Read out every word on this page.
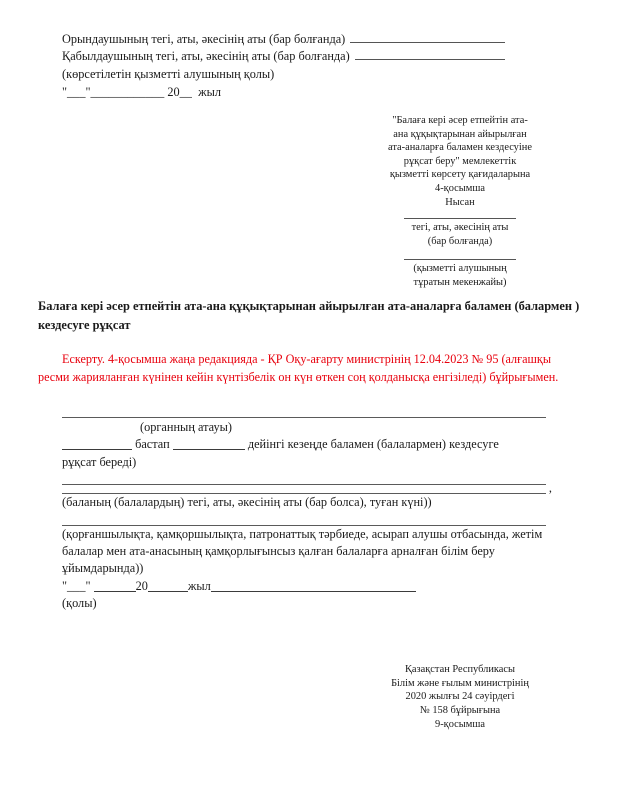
Орындаушының тегі, аты, әкесінің аты (бар болғанда)
Қабылдаушының тегі, аты, әкесінің аты (бар болғанда)
(көрсетілетін қызметті алушының қолы)
"___"____________ 20__  жыл
"Балаға кері әсер етпейтін ата-
ана құқықтарынан айырылған
ата-аналарға баламен кездесуіне
рұқсат беру" мемлекеттік
қызметті көрсету қағидаларына
4-қосымша
Нысан
тегі, аты, әкесінің аты
(бар болғанда)
(қызметті алушының
тұратын мекенжайы)
Балаға кері әсер етпейтін ата-ана құқықтарынан айырылған ата-аналарға баламен (балармен ) кездесуге рұқсат
Ескерту. 4-қосымша жаңа редакцияда - ҚР Оқу-ағарту министрінің 12.04.2023 № 95 (алғашқы ресми жарияланған күнінен кейін күнтізбелік он күн өткен соң қолданысқа енгізіледі) бұйрығымен.
(органның атауы)
бастап	дейінгі кезеңде баламен (балалармен) кездесуге
рұқсат береді)
,
(баланың (балалардың) тегі, аты, әкесінің аты (бар болса), туған күні))
(қорғаншылықта, қамқоршылықта, патронаттық тәрбиеде, асырап алушы отбасында, жетім балалар мен ата-анасының қамқорлығынсыз қалған балаларға арналған білім беру ұйымдарында))
"___"	20	жыл
(қолы)
Қазақстан Республикасы
Білім және ғылым министрінің
2020 жылғы 24 сәуірдегі
№ 158 бұйрығына
9-қосымша
